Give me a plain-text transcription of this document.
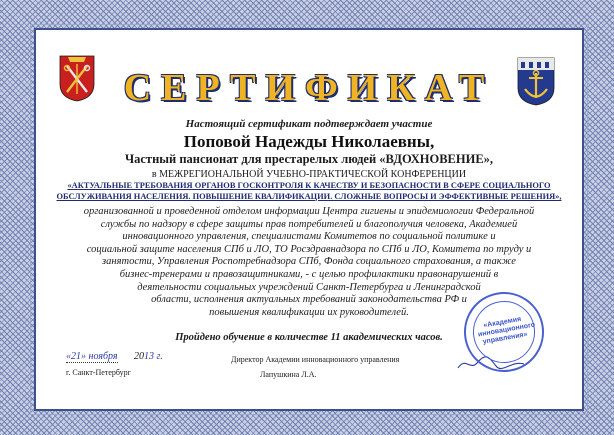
СЕРТИФИКАТ
Настоящий сертификат подтверждает участие
Поповой Надежды Николаевны,
Частный пансионат для престарелых людей «ВДОХНОВЕНИЕ»,
в МЕЖРЕГИОНАЛЬНОЙ УЧЕБНО-ПРАКТИЧЕСКОЙ КОНФЕРЕНЦИИ
«АКТУАЛЬНЫЕ ТРЕБОВАНИЯ ОРГАНОВ ГОСКОНТРОЛЯ К КАЧЕСТВУ И БЕЗОПАСНОСТИ В СФЕРЕ СОЦИАЛЬНОГО
ОБСЛУЖИВАНИЯ НАСЕЛЕНИЯ. ПОВЫШЕНИЕ КВАЛИФИКАЦИИ. СЛОЖНЫЕ ВОПРОСЫ И ЭФФЕКТИВНЫЕ РЕШЕНИЯ»,
организованной и проведенной отделом информации Центра гигиены и эпидемиологии Федеральной
службы по надзору в сфере защиты прав потребителей и благополучия человека, Академией
инновационного управления, специалистами Комитетов по социальной политике и
социальной защите населения СПб и ЛО, ТО Росздравнадзора по СПб и ЛО, Комитета по труду и
занятости, Управления Роспотребнадзора СПб, Фонда социального страхования, а также
бизнес-тренерами и правозащитниками, - с целью профилактики правонарушений в
деятельности социальных учреждений Санкт-Петербурга и Ленинградской
области, исполнения актуальных требований законодательства РФ и
повышения квалификации их руководителей.
Пройдено обучение в количестве 11 академических часов.
«21» ноября 2013 г.
г. Санкт-Петербург
Директор Академии инновационного управления
Лапушкина Л.А.
«Академия инновационного управления»
